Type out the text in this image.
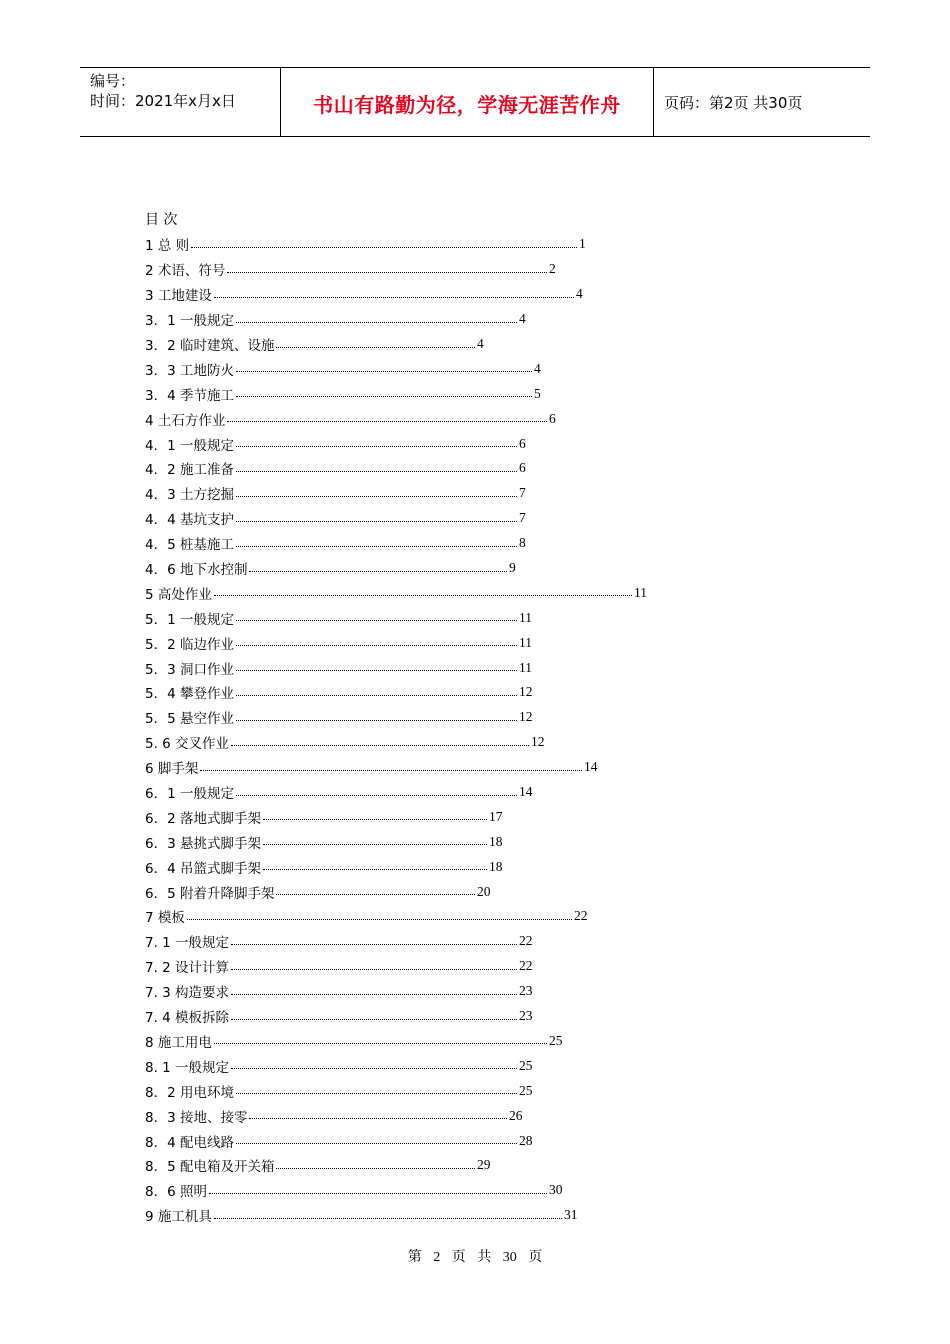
编号：
时间：2021年x月x日	书山有路勤为径，学海无涯苦作舟	页码：第2页 共30页
目 次
1 总 则	1
2 术语、符号	2
3 工地建设	4
3．1 一般规定	4
3．2 临时建筑、设施	4
3．3 工地防火	4
3．4 季节施工	5
4 土石方作业	6
4．1 一般规定	6
4．2 施工准备	6
4．3 土方挖掘	7
4．4 基坑支护	7
4．5 桩基施工	8
4．6 地下水控制	9
5 高处作业	11
5．1 一般规定	11
5．2 临边作业	11
5．3 洞口作业	11
5．4 攀登作业	12
5．5 悬空作业	12
5. 6 交叉作业	12
6 脚手架	14
6．1 一般规定	14
6．2 落地式脚手架	17
6．3 悬挑式脚手架	18
6．4 吊篮式脚手架	18
6．5 附着升降脚手架	20
7 模板	22
7. 1 一般规定	22
7. 2 设计计算	22
7. 3 构造要求	23
7. 4 模板拆除	23
8 施工用电	25
8. 1 一般规定	25
8．2 用电环境	25
8．3 接地、接零	26
8．4 配电线路	28
8．5 配电箱及开关箱	29
8．6 照明	30
9 施工机具	31
第 2 页 共 30 页
